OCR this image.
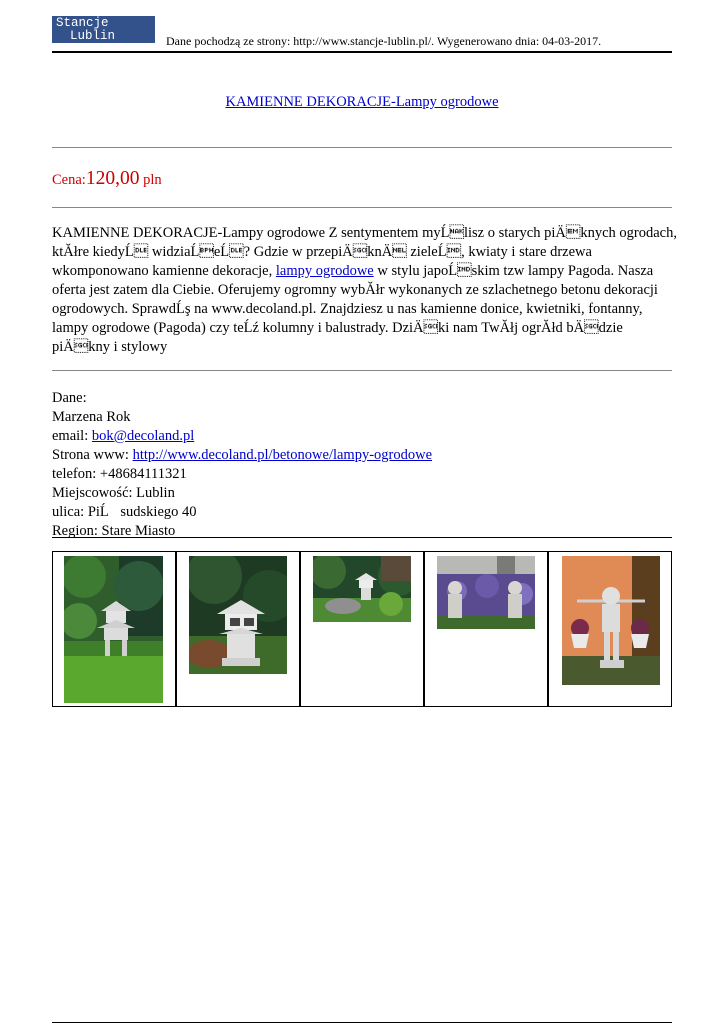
Stancje
Lublin	Dane pochodzą ze strony: http://www.stancje-lublin.pl/. Wygenerowano dnia: 04-03-2017.
KAMIENNE DEKORACJE-Lampy ogrodowe
Cena:120,00 pln

KAMIENNE DEKORACJE-Lampy ogrodowe Z sentymentem myĹlisz o starych piÄknych ogrodach, ktĂłre kiedyĹ widziaĹeĹ? Gdzie w przepiÄknÄ zieleĹ, kwiaty i stare drzewa wkomponowano kamienne dekoracje, lampy ogrodowe w stylu japoĹskim tzw lampy Pagoda. Nasza oferta jest zatem dla Ciebie. Oferujemy ogromny wybĂłr wykonanych ze szlachetnego betonu dekoracji ogrodowych. SprawdĹş na www.decoland.pl. Znajdziesz u nas kamienne donice, kwietniki, fontanny, lampy ogrodowe (Pagoda) czy teĹź kolumny i balustrady. DziÄki nam TwĂłj ogrĂłd bÄdzie piÄkny i stylowy

Dane:
Marzena Rok
email: bok@decoland.pl
Strona www: http://www.decoland.pl/betonowe/lampy-ogrodowe
telefon: +48684111321
Miejscowość: Lublin
ulica: PiĹsudskiego 40
Region: Stare Miasto
